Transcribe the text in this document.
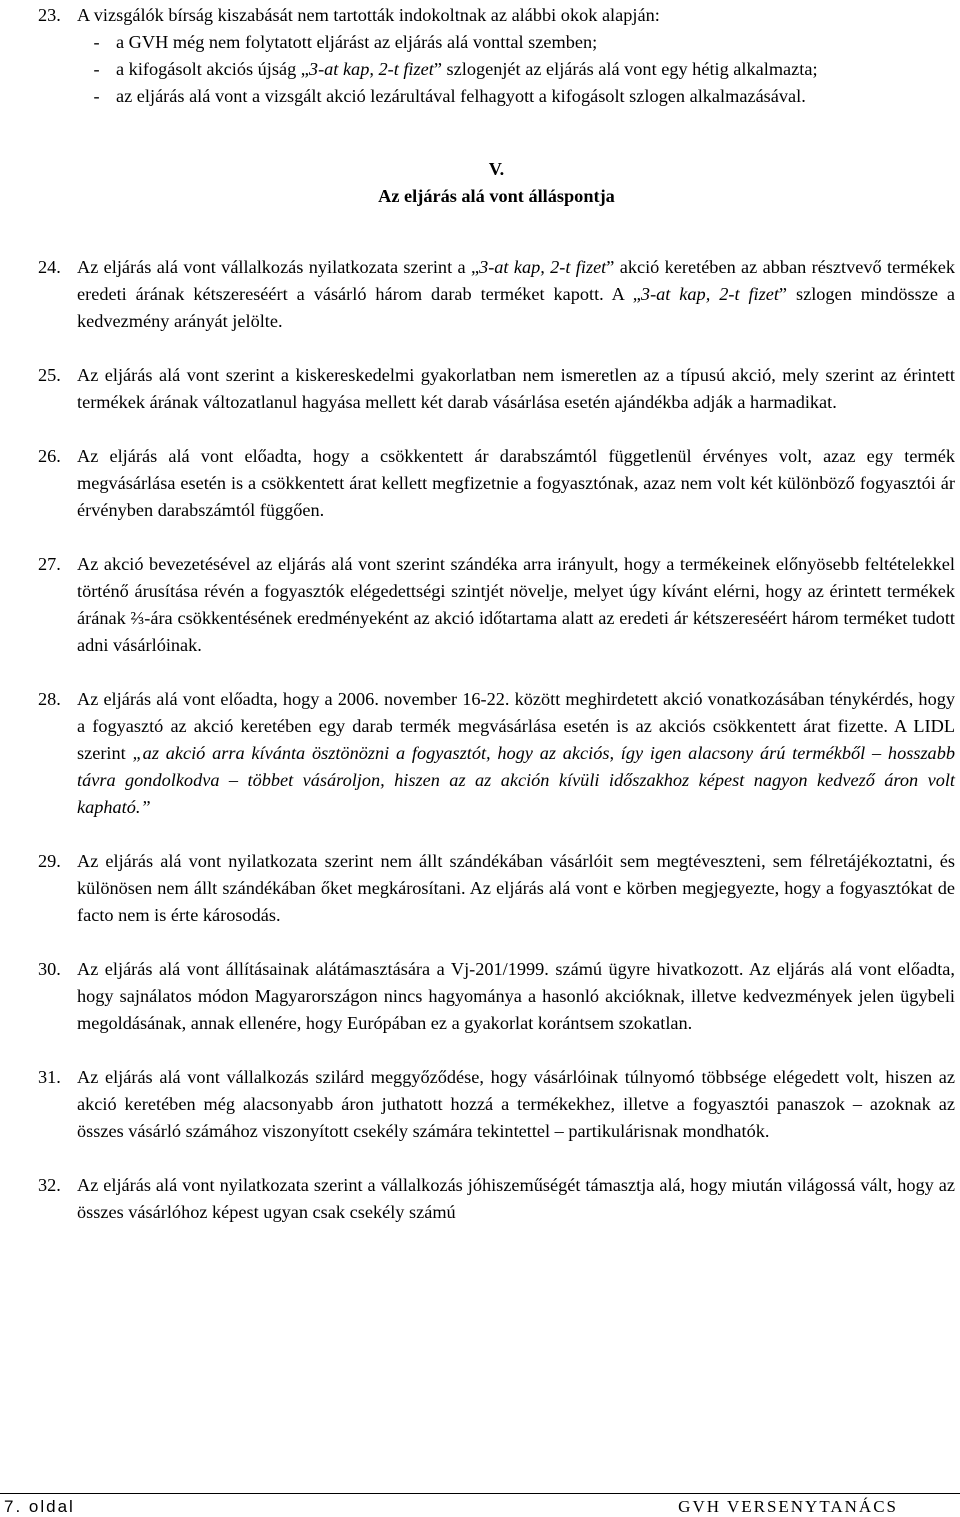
23. A vizsgálók bírság kiszabását nem tartották indokoltnak az alábbi okok alapján:
- a GVH még nem folytatott eljárást az eljárás alá vonttal szemben;
- a kifogásolt akciós újság „3-at kap, 2-t fizet” szlogenjét az eljárás alá vont egy hétig alkalmazta;
- az eljárás alá vont a vizsgált akció lezárultával felhagyott a kifogásolt szlogen alkalmazásával.
V.
Az eljárás alá vont álláspontja
24. Az eljárás alá vont vállalkozás nyilatkozata szerint a „3-at kap, 2-t fizet” akció keretében az abban résztvevő termékek eredeti árának kétszereséért a vásárló három darab terméket kapott. A „3-at kap, 2-t fizet” szlogen mindössze a kedvezmény arányát jelölte.
25. Az eljárás alá vont szerint a kiskereskedelmi gyakorlatban nem ismeretlen az a típusú akció, mely szerint az érintett termékek árának változatlanul hagyása mellett két darab vásárlása esetén ajándékba adják a harmadikat.
26. Az eljárás alá vont előadta, hogy a csökkentett ár darabszámtól függetlenül érvényes volt, azaz egy termék megvásárlása esetén is a csökkentett árat kellett megfizetnie a fogyasztónak, azaz nem volt két különböző fogyasztói ár érvényben darabszámtól függően.
27. Az akció bevezetésével az eljárás alá vont szerint szándéka arra irányult, hogy a termékeinek előnyösebb feltételekkel történő árusítása révén a fogyasztók elégedettségi szintjét növelje, melyet úgy kívánt elérni, hogy az érintett termékek árának ⅔-ára csökkentésének eredményeként az akció időtartama alatt az eredeti ár kétszereséért három terméket tudott adni vásárlóinak.
28. Az eljárás alá vont előadta, hogy a 2006. november 16-22. között meghirdetett akció vonatkozásában ténykérdés, hogy a fogyasztó az akció keretében egy darab termék megvásárlása esetén is az akciós csökkentett árat fizette. A LIDL szerint „az akció arra kívánta ösztönözni a fogyasztót, hogy az akciós, így igen alacsony árú termékből – hosszabb távra gondolkodva – többet vásároljon, hiszen az az akción kívüli időszakhoz képest nagyon kedvező áron volt kapható.”
29. Az eljárás alá vont nyilatkozata szerint nem állt szándékában vásárlóit sem megtéveszteni, sem félretájékoztatni, és különösen nem állt szándékában őket megkárosítani. Az eljárás alá vont e körben megjegyezte, hogy a fogyasztókat de facto nem is érte károsodás.
30. Az eljárás alá vont állításainak alátámasztására a Vj-201/1999. számú ügyre hivatkozott. Az eljárás alá vont előadta, hogy sajnálatos módon Magyarországon nincs hagyománya a hasonló akcióknak, illetve kedvezmények jelen ügybeli megoldásának, annak ellenére, hogy Európában ez a gyakorlat korántsem szokatlan.
31. Az eljárás alá vont vállalkozás szilárd meggyőződése, hogy vásárlóinak túlnyomó többsége elégedett volt, hiszen az akció keretében még alacsonyabb áron juthatott hozzá a termékekhez, illetve a fogyasztói panaszok – azoknak az összes vásárló számához viszonyított csekély számára tekintettel – partikulárisnak mondhatók.
32. Az eljárás alá vont nyilatkozata szerint a vállalkozás jóhiszeműségét támasztja alá, hogy miután világossá vált, hogy az összes vásárlóhoz képest ugyan csak csekély számú
7. oldal	GVH VERSENYTANÁCS
